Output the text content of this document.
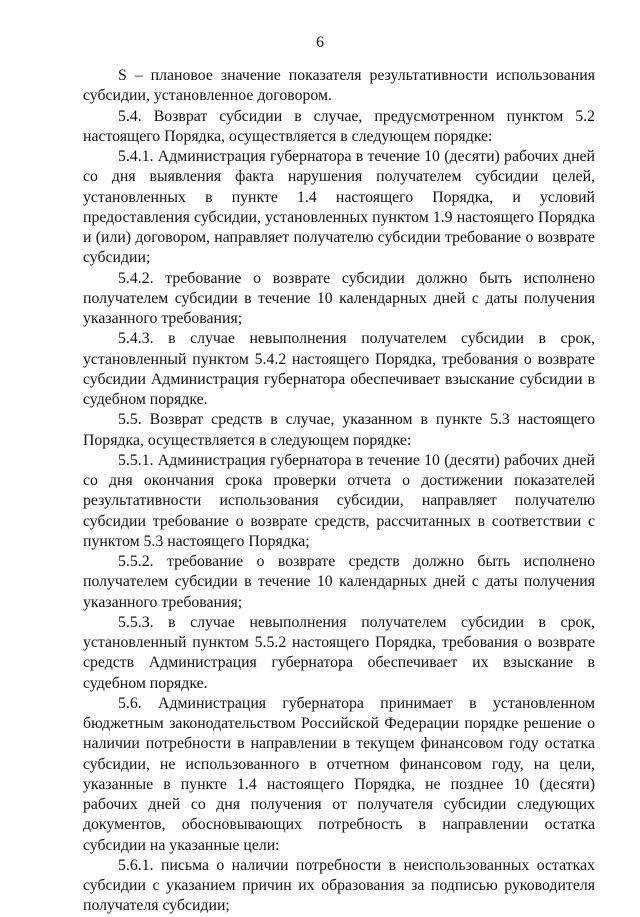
6

S – плановое значение показателя результативности использования субсидии, установленное договором.

5.4. Возврат субсидии в случае, предусмотренном пунктом 5.2 настоящего Порядка, осуществляется в следующем порядке:

5.4.1. Администрация губернатора в течение 10 (десяти) рабочих дней со дня выявления факта нарушения получателем субсидии целей, установленных в пункте 1.4 настоящего Порядка, и условий предоставления субсидии, установленных пунктом 1.9 настоящего Порядка и (или) договором, направляет получателю субсидии требование о возврате субсидии;

5.4.2. требование о возврате субсидии должно быть исполнено получателем субсидии в течение 10 календарных дней с даты получения указанного требования;

5.4.3. в случае невыполнения получателем субсидии в срок, установленный пунктом 5.4.2 настоящего Порядка, требования о возврате субсидии Администрация губернатора обеспечивает взыскание субсидии в судебном порядке.

5.5. Возврат средств в случае, указанном в пункте 5.3 настоящего Порядка, осуществляется в следующем порядке:

5.5.1. Администрация губернатора в течение 10 (десяти) рабочих дней со дня окончания срока проверки отчета о достижении показателей результативности использования субсидии, направляет получателю субсидии требование о возврате средств, рассчитанных в соответствии с пунктом 5.3 настоящего Порядка;

5.5.2. требование о возврате средств должно быть исполнено получателем субсидии в течение 10 календарных дней с даты получения указанного требования;

5.5.3. в случае невыполнения получателем субсидии в срок, установленный пунктом 5.5.2 настоящего Порядка, требования о возврате средств Администрация губернатора обеспечивает их взыскание в судебном порядке.

5.6. Администрация губернатора принимает в установленном бюджетным законодательством Российской Федерации порядке решение о наличии потребности в направлении в текущем финансовом году остатка субсидии, не использованного в отчетном финансовом году, на цели, указанные в пункте 1.4 настоящего Порядка, не позднее 10 (десяти) рабочих дней со дня получения от получателя субсидии следующих документов, обосновывающих потребность в направлении остатка субсидии на указанные цели:

5.6.1. письма о наличии потребности в неиспользованных остатках субсидии с указанием причин их образования за подписью руководителя получателя субсидии;
